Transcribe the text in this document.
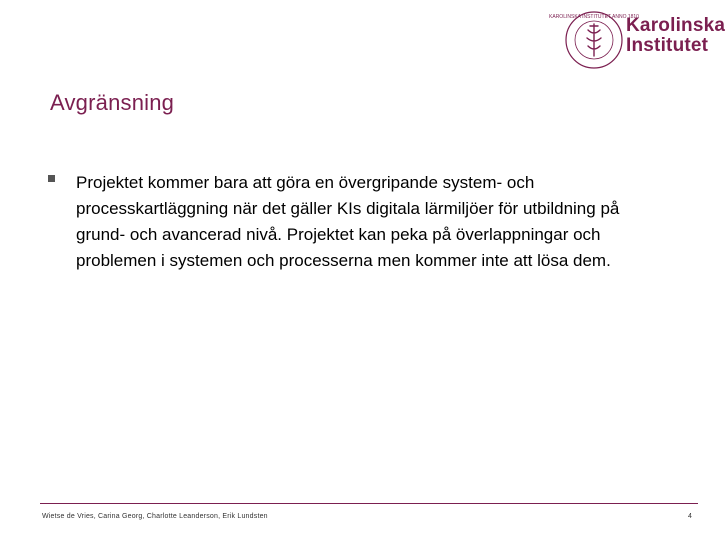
KAROLINSKA INSTITUTET ANNO 1810
Karolinska
Institutet
Avgränsning
Projektet kommer bara att göra en övergripande system- och processkartläggning när det gäller KIs digitala lärmiljöer för utbildning på grund- och avancerad nivå. Projektet kan peka på överlappningar och problemen i systemen och processerna men kommer inte att lösa dem.
Wietse de Vries, Carina Georg, Charlotte Leanderson, Erik Lundsten	4
